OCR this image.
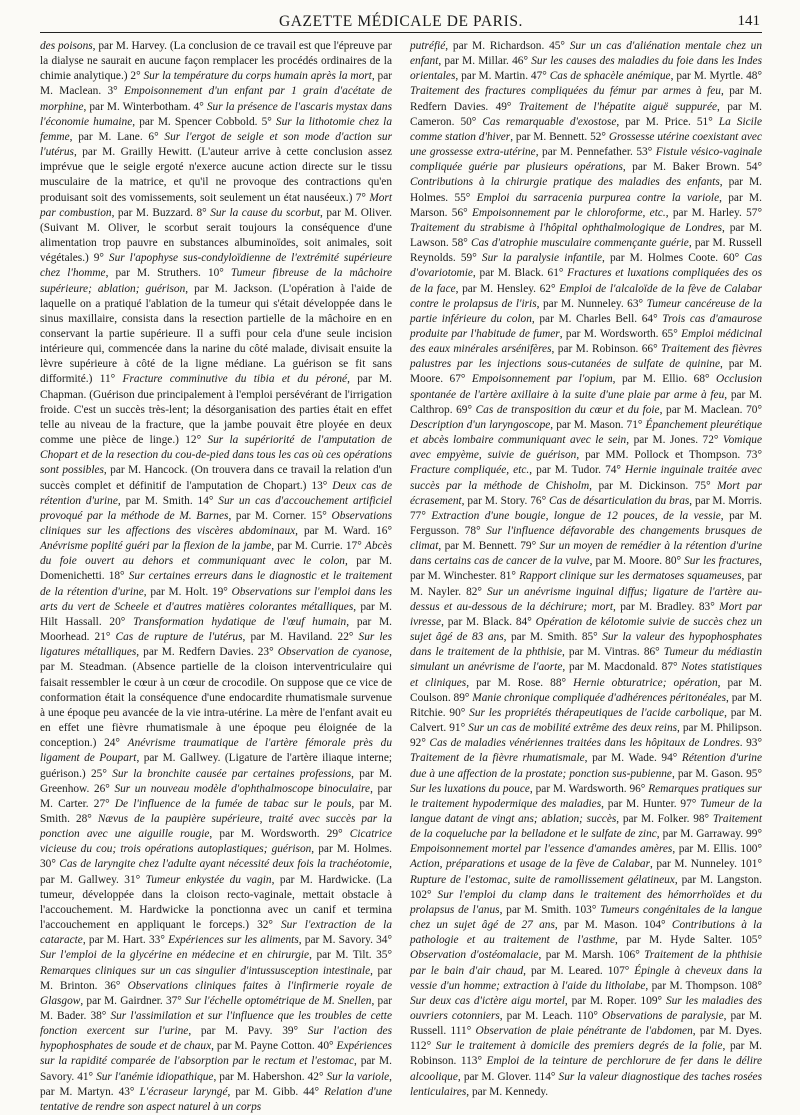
GAZETTE MÉDICALE DE PARIS.	141

des poisons, par M. Harvey. (La conclusion de ce travail est que l'épreuve par la dialyse ne saurait en aucune façon remplacer les procédés ordinaires de la chimie analytique.) 2° Sur la température du corps humain après la mort, par M. Maclean. 3° Empoisonnement d'un enfant par 1 grain d'acétate de morphine, par M. Winterbotham. 4° Sur la présence de l'ascaris mystax dans l'économie humaine, par M. Spencer Cobbold. 5° Sur la lithotomie chez la femme, par M. Lane. 6° Sur l'ergot de seigle et son mode d'action sur l'utérus, par M. Grailly Hewitt. (L'auteur arrive à cette conclusion assez imprévue que le seigle ergoté n'exerce aucune action directe sur le tissu musculaire de la matrice, et qu'il ne provoque des contractions qu'en produisant soit des vomissements, soit seulement un état nauséeux.) 7° Mort par combustion, par M. Buzzard. 8° Sur la cause du scorbut, par M. Oliver. (Suivant M. Oliver, le scorbut serait toujours la conséquence d'une alimentation trop pauvre en substances albuminoïdes, soit animales, soit végétales.) 9° Sur l'apophyse sus-condyloïdienne de l'extrémité supérieure chez l'homme, par M. Struthers. 10° Tumeur fibreuse de la mâchoire supérieure; ablation; guérison, par M. Jackson. (L'opération à l'aide de laquelle on a pratiqué l'ablation de la tumeur qui s'était développée dans le sinus maxillaire, consista dans la resection partielle de la mâchoire en en conservant la partie supérieure. Il a suffi pour cela d'une seule incision intérieure qui, commencée dans la narine du côté malade, divisait ensuite la lèvre supérieure à côté de la ligne médiane. La guérison se fit sans difformité.) 11° Fracture comminutive du tibia et du péroné, par M. Chapman. (Guérison due principalement à l'emploi persévérant de l'irrigation froide. C'est un succès très-lent; la désorganisation des parties était en effet telle au niveau de la fracture, que la jambe pouvait être ployée en deux comme une pièce de linge.) 12° Sur la supériorité de l'amputation de Chopart et de la resection du cou-de-pied dans tous les cas où ces opérations sont possibles, par M. Hancock. (On trouvera dans ce travail la relation d'un succès complet et définitif de l'amputation de Chopart.) 13° Deux cas de rétention d'urine, par M. Smith. 14° Sur un cas d'accouchement artificiel provoqué par la méthode de M. Barnes, par M. Corner. 15° Observations cliniques sur les affections des viscères abdominaux, par M. Ward. 16° Anévrisme poplité guéri par la flexion de la jambe, par M. Currie. 17° Abcès du foie ouvert au dehors et communiquant avec le colon, par M. Domenichetti. 18° Sur certaines erreurs dans le diagnostic et le traitement de la rétention d'urine, par M. Holt. 19° Observations sur l'emploi dans les arts du vert de Scheele et d'autres matières colorantes métalliques, par M. Hilt Hassall. 20° Transformation hydatique de l'œuf humain, par M. Moorhead. 21° Cas de rupture de l'utérus, par M. Haviland. 22° Sur les ligatures métalliques, par M. Redfern Davies. 23° Observation de cyanose, par M. Steadman. (Absence partielle de la cloison interventriculaire qui faisait ressembler le cœur à un cœur de crocodile. On suppose que ce vice de conformation était la conséquence d'une endocardite rhumatismale survenue à une époque peu avancée de la vie intra-utérine. La mère de l'enfant avait eu en effet une fièvre rhumatismale à une époque peu éloignée de la conception.) 24° Anévrisme traumatique de l'artère fémorale près du ligament de Poupart, par M. Gallwey. (Ligature de l'artère iliaque interne; guérison.) 25° Sur la bronchite causée par certaines professions, par M. Greenhow. 26° Sur un nouveau modèle d'ophthalmoscope binoculaire, par M. Carter. 27° De l'influence de la fumée de tabac sur le pouls, par M. Smith. 28° Nævus de la paupière supérieure, traité avec succès par la ponction avec une aiguille rougie, par M. Wordsworth. 29° Cicatrice vicieuse du cou; trois opérations autoplastiques; guérison, par M. Holmes. 30° Cas de laryngite chez l'adulte ayant nécessité deux fois la trachéotomie, par M. Gallwey. 31° Tumeur enkystée du vagin, par M. Hardwicke. (La tumeur, développée dans la cloison recto-vaginale, mettait obstacle à l'accouchement. M. Hardwicke la ponctionna avec un canif et termina l'accouchement en appliquant le forceps.) 32° Sur l'extraction de la cataracte, par M. Hart. 33° Expériences sur les aliments, par M. Savory. 34° Sur l'emploi de la glycérine en médecine et en chirurgie, par M. Tilt. 35° Remarques cliniques sur un cas singulier d'intussusception intestinale, par M. Brinton. 36° Observations cliniques faites à l'infirmerie royale de Glasgow, par M. Gairdner. 37° Sur l'échelle optométrique de M. Snellen, par M. Bader. 38° Sur l'assimilation et sur l'influence que les troubles de cette fonction exercent sur l'urine, par M. Pavy. 39° Sur l'action des hypophosphates de soude et de chaux, par M. Payne Cotton. 40° Expériences sur la rapidité comparée de l'absorption par le rectum et l'estomac, par M. Savory. 41° Sur l'anémie idiopathique, par M. Habershon. 42° Sur la variole, par M. Martyn. 43° L'écraseur laryngé, par M. Gibb. 44° Relation d'une tentative de rendre son aspect naturel à un corps

putréfié, par M. Richardson. 45° Sur un cas d'aliénation mentale chez un enfant, par M. Millar. 46° Sur les causes des maladies du foie dans les Indes orientales, par M. Martin. 47° Cas de sphacèle anémique, par M. Myrtle. 48° Traitement des fractures compliquées du fémur par armes à feu, par M. Redfern Davies. 49° Traitement de l'hépatite aiguë suppurée, par M. Cameron. 50° Cas remarquable d'exostose, par M. Price. 51° La Sicile comme station d'hiver, par M. Bennett. 52° Grossesse utérine coexistant avec une grossesse extra-utérine, par M. Pennefather. 53° Fistule vésico-vaginale compliquée guérie par plusieurs opérations, par M. Baker Brown. 54° Contributions à la chirurgie pratique des maladies des enfants, par M. Holmes. 55° Emploi du sarracenia purpurea contre la variole, par M. Marson. 56° Empoisonnement par le chloroforme, etc., par M. Harley. 57° Traitement du strabisme à l'hôpital ophthalmologique de Londres, par M. Lawson. 58° Cas d'atrophie musculaire commençante guérie, par M. Russell Reynolds. 59° Sur la paralysie infantile, par M. Holmes Coote. 60° Cas d'ovariotomie, par M. Black. 61° Fractures et luxations compliquées des os de la face, par M. Hensley. 62° Emploi de l'alcaloïde de la fève de Calabar contre le prolapsus de l'iris, par M. Nunneley. 63° Tumeur cancéreuse de la partie inférieure du colon, par M. Charles Bell. 64° Trois cas d'amaurose produite par l'habitude de fumer, par M. Wordsworth. 65° Emploi médicinal des eaux minérales arsénifères, par M. Robinson. 66° Traitement des fièvres palustres par les injections sous-cutanées de sulfate de quinine, par M. Moore. 67° Empoisonnement par l'opium, par M. Ellio. 68° Occlusion spontanée de l'artère axillaire à la suite d'une plaie par arme à feu, par M. Calthrop. 69° Cas de transposition du cœur et du foie, par M. Maclean. 70° Description d'un laryngoscope, par M. Mason. 71° Épanchement pleurétique et abcès lombaire communiquant avec le sein, par M. Jones. 72° Vomique avec empyème, suivie de guérison, par MM. Pollock et Thompson. 73° Fracture compliquée, etc., par M. Tudor. 74° Hernie inguinale traitée avec succès par la méthode de Chisholm, par M. Dickinson. 75° Mort par écrasement, par M. Story. 76° Cas de désarticulation du bras, par M. Morris. 77° Extraction d'une bougie, longue de 12 pouces, de la vessie, par M. Fergusson. 78° Sur l'influence défavorable des changements brusques de climat, par M. Bennett. 79° Sur un moyen de remédier à la rétention d'urine dans certains cas de cancer de la vulve, par M. Moore. 80° Sur les fractures, par M. Winchester. 81° Rapport clinique sur les dermatoses squameuses, par M. Nayler. 82° Sur un anévrisme inguinal diffus; ligature de l'artère au-dessus et au-dessous de la déchirure; mort, par M. Bradley. 83° Mort par ivresse, par M. Black. 84° Opération de kélotomie suivie de succès chez un sujet âgé de 83 ans, par M. Smith. 85° Sur la valeur des hypophosphates dans le traitement de la phthisie, par M. Vintras. 86° Tumeur du médiastin simulant un anévrisme de l'aorte, par M. Macdonald. 87° Notes statistiques et cliniques, par M. Rose. 88° Hernie obturatrice; opération, par M. Coulson. 89° Manie chronique compliquée d'adhérences péritonéales, par M. Ritchie. 90° Sur les propriétés thérapeutiques de l'acide carbolique, par M. Calvert. 91° Sur un cas de mobilité extrême des deux reins, par M. Philipson. 92° Cas de maladies vénériennes traitées dans les hôpitaux de Londres. 93° Traitement de la fièvre rhumatismale, par M. Wade. 94° Rétention d'urine due à une affection de la prostate; ponction sus-pubienne, par M. Gason. 95° Sur les luxations du pouce, par M. Wardsworth. 96° Remarques pratiques sur le traitement hypodermique des maladies, par M. Hunter. 97° Tumeur de la langue datant de vingt ans; ablation; succès, par M. Folker. 98° Traitement de la coqueluche par la belladone et le sulfate de zinc, par M. Garraway. 99° Empoisonnement mortel par l'essence d'amandes amères, par M. Ellis. 100° Action, préparations et usage de la fève de Calabar, par M. Nunneley. 101° Rupture de l'estomac, suite de ramollissement gélatineux, par M. Langston. 102° Sur l'emploi du clamp dans le traitement des hémorrhoïdes et du prolapsus de l'anus, par M. Smith. 103° Tumeurs congénitales de la langue chez un sujet âgé de 27 ans, par M. Mason. 104° Contributions à la pathologie et au traitement de l'asthme, par M. Hyde Salter. 105° Observation d'ostéomalacie, par M. Marsh. 106° Traitement de la phthisie par le bain d'air chaud, par M. Leared. 107° Épingle à cheveux dans la vessie d'un homme; extraction à l'aide du litholabe, par M. Thompson. 108° Sur deux cas d'ictère aigu mortel, par M. Roper. 109° Sur les maladies des ouvriers cotonniers, par M. Leach. 110° Observations de paralysie, par M. Russell. 111° Observation de plaie pénétrante de l'abdomen, par M. Dyes. 112° Sur le traitement à domicile des premiers degrés de la folie, par M. Robinson. 113° Emploi de la teinture de perchlorure de fer dans le délire alcoolique, par M. Glover. 114° Sur la valeur diagnostique des taches rosées lenticulaires, par M. Kennedy.
